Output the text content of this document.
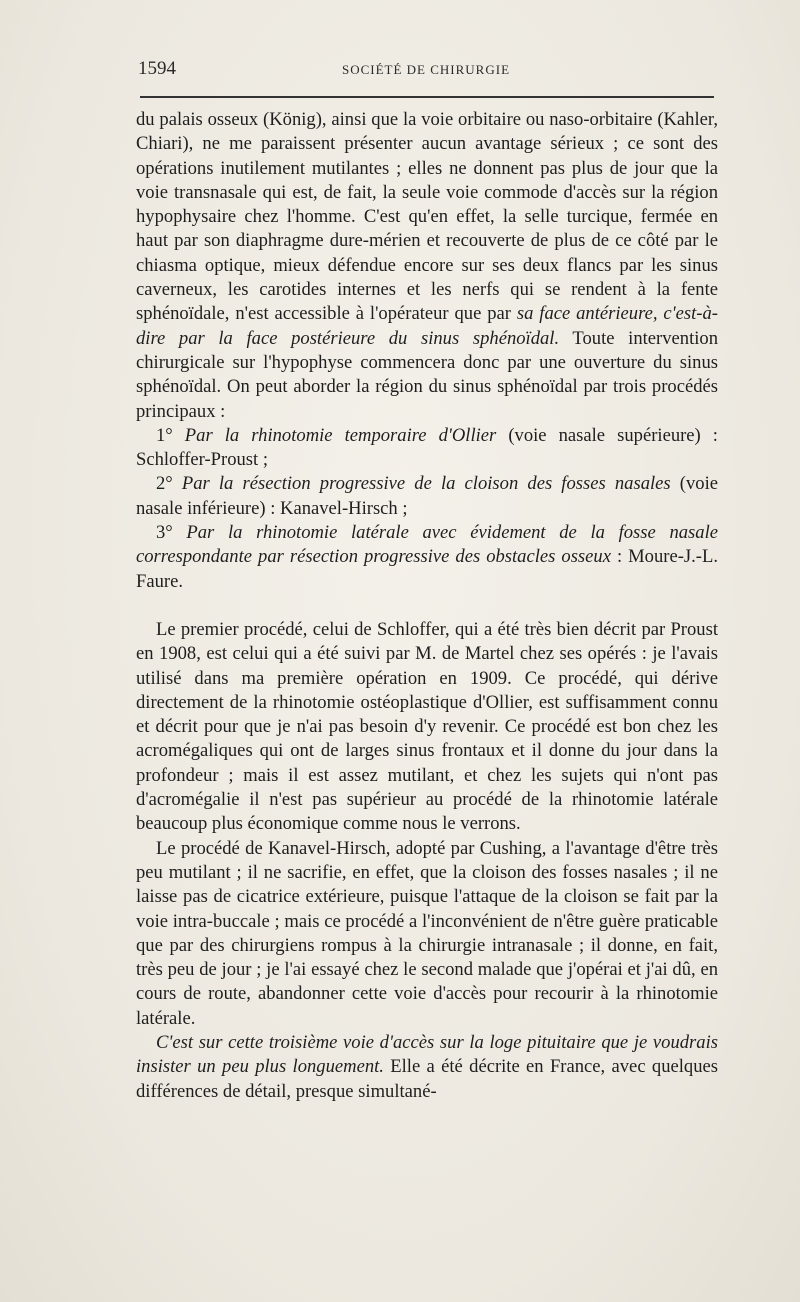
1594	SOCIÉTÉ DE CHIRURGIE

du palais osseux (König), ainsi que la voie orbitaire ou naso-orbitaire (Kahler, Chiari), ne me paraissent présenter aucun avantage sérieux ; ce sont des opérations inutilement mutilantes ; elles ne donnent pas plus de jour que la voie transnasale qui est, de fait, la seule voie commode d'accès sur la région hypophysaire chez l'homme. C'est qu'en effet, la selle turcique, fermée en haut par son diaphragme dure-mérien et recouverte de plus de ce côté par le chiasma optique, mieux défendue encore sur ses deux flancs par les sinus caverneux, les carotides internes et les nerfs qui se rendent à la fente sphénoïdale, n'est accessible à l'opérateur que par sa face antérieure, c'est-à-dire par la face postérieure du sinus sphénoïdal. Toute intervention chirurgicale sur l'hypophyse commencera donc par une ouverture du sinus sphénoïdal. On peut aborder la région du sinus sphénoïdal par trois procédés principaux :

1° Par la rhinotomie temporaire d'Ollier (voie nasale supérieure) : Schloffer-Proust ;

2° Par la résection progressive de la cloison des fosses nasales (voie nasale inférieure) : Kanavel-Hirsch ;

3° Par la rhinotomie latérale avec évidement de la fosse nasale correspondante par résection progressive des obstacles osseux : Moure-J.-L. Faure.

Le premier procédé, celui de Schloffer, qui a été très bien décrit par Proust en 1908, est celui qui a été suivi par M. de Martel chez ses opérés : je l'avais utilisé dans ma première opération en 1909. Ce procédé, qui dérive directement de la rhinotomie ostéoplastique d'Ollier, est suffisamment connu et décrit pour que je n'ai pas besoin d'y revenir. Ce procédé est bon chez les acromégaliques qui ont de larges sinus frontaux et il donne du jour dans la profondeur ; mais il est assez mutilant, et chez les sujets qui n'ont pas d'acromégalie il n'est pas supérieur au procédé de la rhinotomie latérale beaucoup plus économique comme nous le verrons.

Le procédé de Kanavel-Hirsch, adopté par Cushing, a l'avantage d'être très peu mutilant ; il ne sacrifie, en effet, que la cloison des fosses nasales ; il ne laisse pas de cicatrice extérieure, puisque l'attaque de la cloison se fait par la voie intra-buccale ; mais ce procédé a l'inconvénient de n'être guère praticable que par des chirurgiens rompus à la chirurgie intranasale ; il donne, en fait, très peu de jour ; je l'ai essayé chez le second malade que j'opérai et j'ai dû, en cours de route, abandonner cette voie d'accès pour recourir à la rhinotomie latérale.

C'est sur cette troisième voie d'accès sur la loge pituitaire que je voudrais insister un peu plus longuement. Elle a été décrite en France, avec quelques différences de détail, presque simultané-
